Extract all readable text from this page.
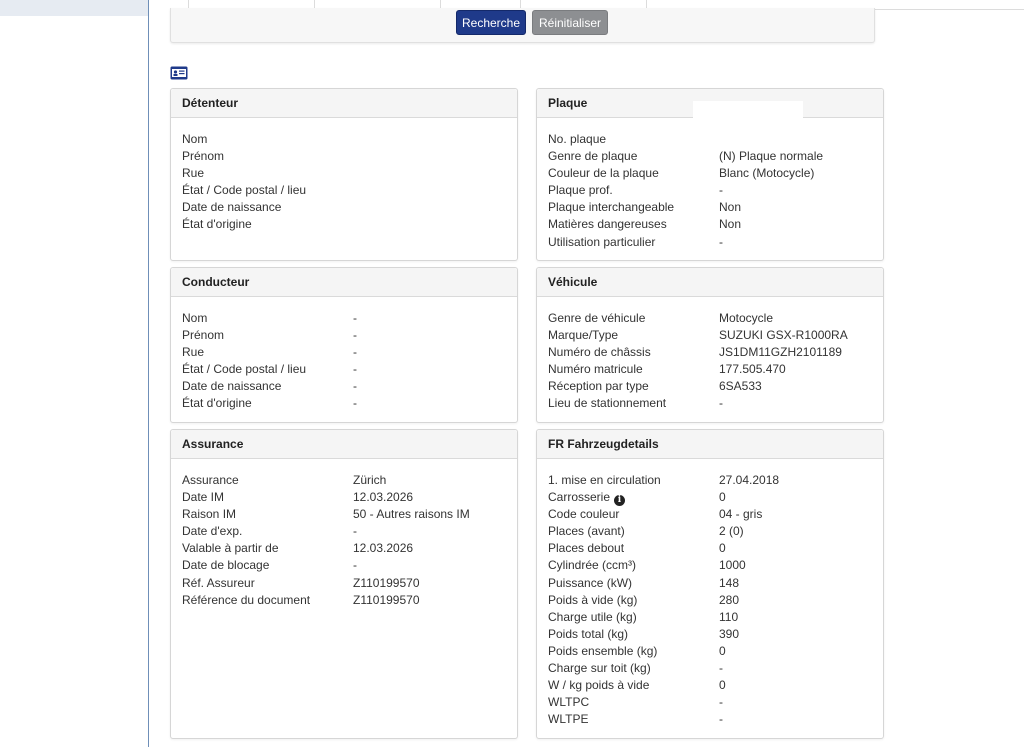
Recherche	Réinitialiser
Détenteur
Nom
Prénom
Rue
État / Code postal / lieu
Date de naissance
État d'origine
Plaque
No. plaque
Genre de plaque	(N) Plaque normale
Couleur de la plaque	Blanc (Motocycle)
Plaque prof.	-
Plaque interchangeable	Non
Matières dangereuses	Non
Utilisation particulier	-
Conducteur
Nom	-
Prénom	-
Rue	-
État / Code postal / lieu	-
Date de naissance	-
État d'origine	-
Véhicule
Genre de véhicule	Motocycle
Marque/Type	SUZUKI GSX-R1000RA
Numéro de châssis	JS1DM11GZH2101189
Numéro matricule	177.505.470
Réception par type	6SA533
Lieu de stationnement	-
Assurance
Assurance	Zürich
Date IM	12.03.2026
Raison IM	50 - Autres raisons IM
Date d'exp.	-
Valable à partir de	12.03.2026
Date de blocage	-
Réf. Assureur	Z110199570
Référence du document	Z110199570
FR Fahrzeugdetails
1. mise en circulation	27.04.2018
Carrosserie i	0
Code couleur	04 - gris
Places (avant)	2 (0)
Places debout	0
Cylindrée (ccm³)	1000
Puissance (kW)	148
Poids à vide (kg)	280
Charge utile (kg)	110
Poids total (kg)	390
Poids ensemble (kg)	0
Charge sur toit (kg)	-
W / kg poids à vide	0
WLTPC	-
WLTPE	-
